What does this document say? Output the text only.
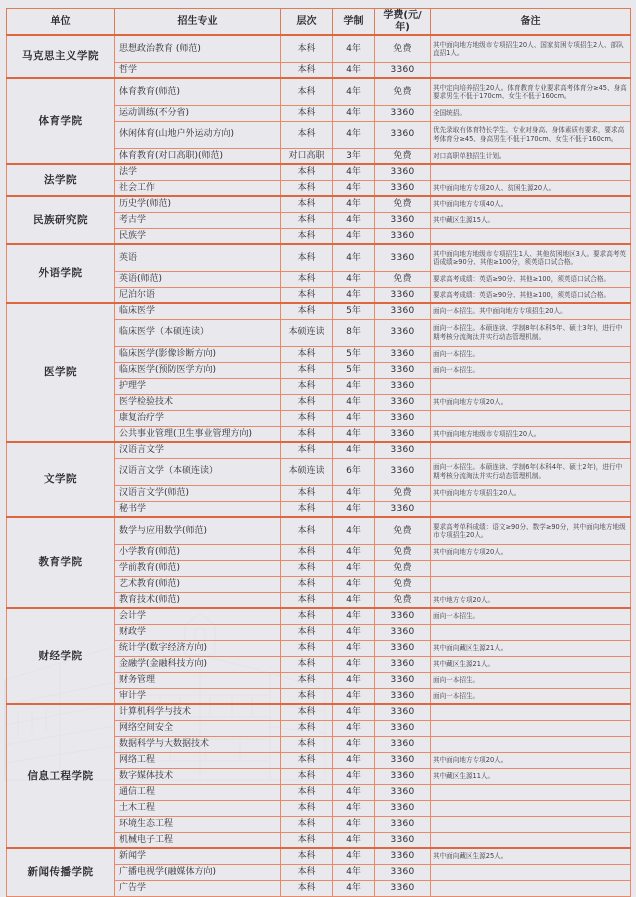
单位	招生专业	层次	学制	学费(元/年)	备注
马克思主义学院	思想政治教育 (师范)	本科	4年	免费	其中面向地方地级市专项招生20人、国家贫困专项招生2人、部队直招1人。
	哲学	本科	4年	3360	
体育学院	体育教育(师范)	本科	4年	免费	其中定向培养招生20人。体育教育专业要求高考体育分≥45、身高要求男生不低于170cm、女生不低于160cm。
	运动训练(不分省)	本科	4年	3360	全国统招。
	休闲体育(山地户外运动方向)	本科	4年	3360	优先录取有体育特长学生。专业对身高、身体素质有要求，要求高考体育分≥45、身高男生不低于170cm、女生不低于160cm。
	体育教育(对口高职)(师范)	对口高职	3年	免费	对口高职单独招生计划。
法学院	法学	本科	4年	3360	
	社会工作	本科	4年	3360	其中面向地方专项20人、贫困生源20人。
民族研究院	历史学(师范)	本科	4年	免费	其中面向地方专项40人。
	考古学	本科	4年	3360	其中藏区生源15人。
	民族学	本科	4年	3360	
外语学院	英语	本科	4年	3360	其中面向地方地级市专项招生1人、其他贫困地区3人。要求高考英语成绩≥90分、其他≥100分，须英语口试合格。
	英语(师范)	本科	4年	免费	要求高考成绩：英语≥90分、其他≥100，须英语口试合格。
	尼泊尔语	本科	4年	3360	要求高考成绩：英语≥90分、其他≥100，须英语口试合格。
医学院	临床医学	本科	5年	3360	面向一本招生。其中面向地方专项招生20人。
	临床医学（本硕连读）	本硕连读	8年	3360	面向一本招生。本硕连读、学制8年(本科5年、硕士3年)，进行中期考核分流淘汰并实行动态管理机制。
	临床医学(影像诊断方向)	本科	5年	3360	面向一本招生。
	临床医学(预防医学方向)	本科	5年	3360	面向一本招生。
	护理学	本科	4年	3360	
	医学检验技术	本科	4年	3360	其中面向地方专项20人。
	康复治疗学	本科	4年	3360	
	公共事业管理(卫生事业管理方向)	本科	4年	3360	其中面向地方地级市专项招生20人。
文学院	汉语言文学	本科	4年	3360	
	汉语言文学（本硕连读）	本硕连读	6年	3360	面向一本招生。本硕连读、学制6年(本科4年、硕士2年)，进行中期考核分流淘汰并实行动态管理机制。
	汉语言文学(师范)	本科	4年	免费	其中面向地方专项招生20人。
	秘书学	本科	4年	3360	
教育学院	数学与应用数学(师范)	本科	4年	免费	要求高考单科成绩：语文≥90分、数学≥90分，其中面向地方地级市专项招生20人。
	小学教育(师范)	本科	4年	免费	其中面向地方专项20人。
	学前教育(师范)	本科	4年	免费	
	艺术教育(师范)	本科	4年	免费	
	教育技术(师范)	本科	4年	免费	其中地方专项20人。
财经学院	会计学	本科	4年	3360	面向一本招生。
	财政学	本科	4年	3360	
	统计学(数字经济方向)	本科	4年	3360	其中面向藏区生源21人。
	金融学(金融科技方向)	本科	4年	3360	其中藏区生源21人。
	财务管理	本科	4年	3360	面向一本招生。
	审计学	本科	4年	3360	面向一本招生。
信息工程学院	计算机科学与技术	本科	4年	3360	
	网络空间安全	本科	4年	3360	
	数据科学与大数据技术	本科	4年	3360	
	网络工程	本科	4年	3360	其中面向地方专项20人。
	数字媒体技术	本科	4年	3360	其中藏区生源11人。
	通信工程	本科	4年	3360	
	土木工程	本科	4年	3360	
	环境生态工程	本科	4年	3360	
	机械电子工程	本科	4年	3360	
新闻传播学院	新闻学	本科	4年	3360	其中面向藏区生源25人。
	广播电视学(融媒体方向)	本科	4年	3360	
	广告学	本科	4年	3360	
